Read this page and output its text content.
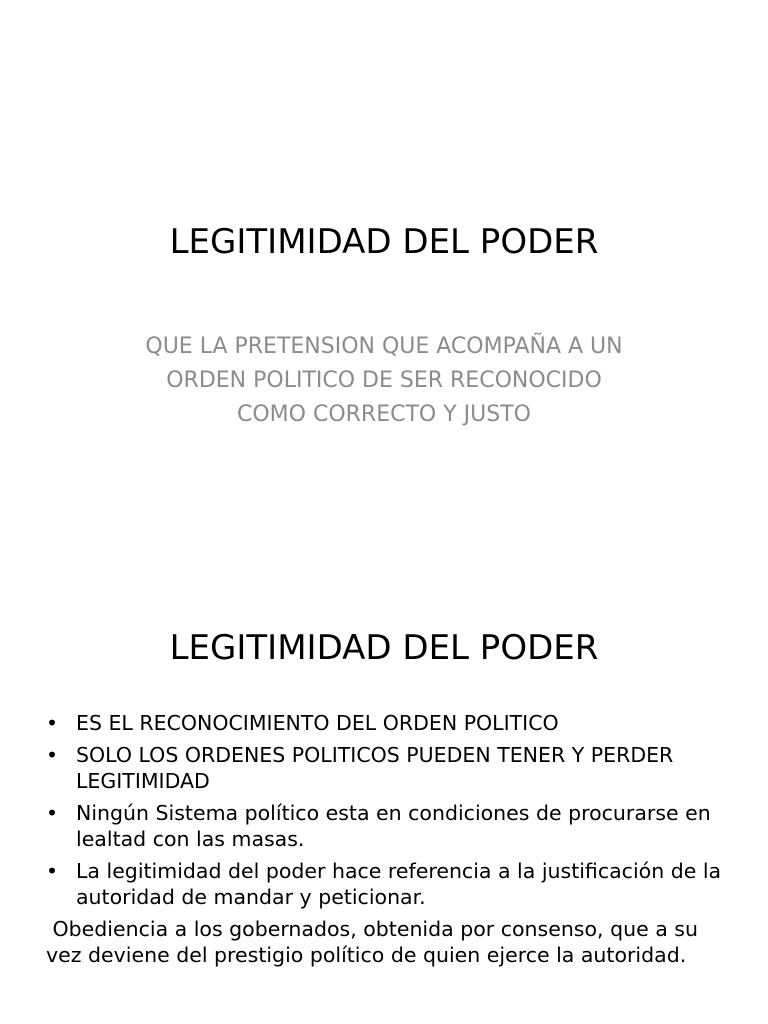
LEGITIMIDAD DEL PODER

QUE LA PRETENSION QUE ACOMPAÑA A UN ORDEN POLITICO DE SER RECONOCIDO COMO CORRECTO Y JUSTO

LEGITIMIDAD DEL PODER
• ES EL RECONOCIMIENTO DEL ORDEN POLITICO
• SOLO LOS ORDENES POLITICOS PUEDEN TENER Y PERDER LEGITIMIDAD
• Ningún Sistema político esta en condiciones de procurarse en lealtad con las masas.
• La legitimidad del poder hace referencia a la justificación de la autoridad de mandar y peticionar.

Obediencia a los gobernados, obtenida por consenso, que a su vez deviene del prestigio político de quien ejerce la autoridad.
